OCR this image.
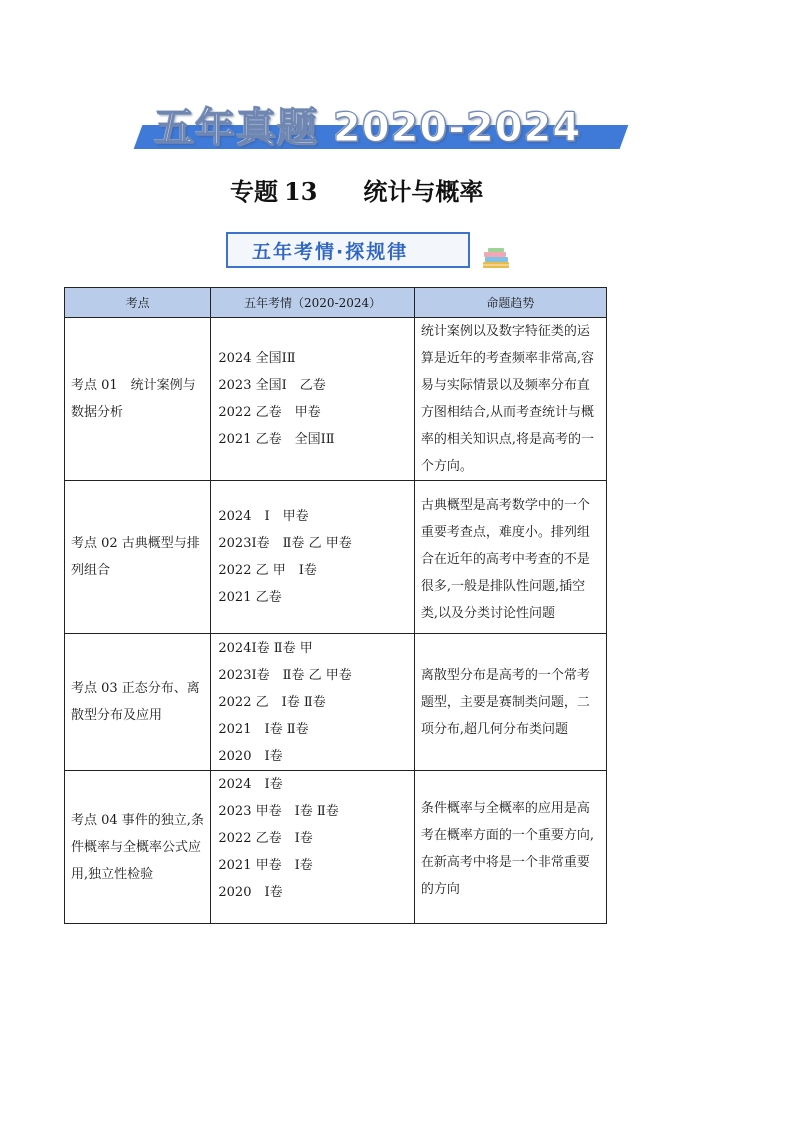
五年真题 2020-2024
专题 13 统计与概率
五年考情·探规律
考点	五年考情（2020-2024）	命题趋势
考点 01　统计案例与数据分析	2024 全国ⅠⅡ
2023 全国Ⅰ　乙卷
2022 乙卷　甲卷
2021 乙卷　全国ⅠⅡ	统计案例以及数字特征类的运算是近年的考查频率非常高,容易与实际情景以及频率分布直方图相结合,从而考查统计与概率的相关知识点,将是高考的一个方向。
考点 02 古典概型与排列组合	2024　Ⅰ　甲卷
2023Ⅰ卷　Ⅱ卷 乙 甲卷
2022 乙 甲　Ⅰ卷
2021 乙卷	古典概型是高考数学中的一个重要考查点，难度小。排列组合在近年的高考中考查的不是很多,一般是排队性问题,插空类,以及分类讨论性问题
考点 03 正态分布、离散型分布及应用	2024Ⅰ卷 Ⅱ卷 甲
2023Ⅰ卷　Ⅱ卷 乙 甲卷
2022 乙　Ⅰ卷 Ⅱ卷
2021　Ⅰ卷 Ⅱ卷
2020　Ⅰ卷	离散型分布是高考的一个常考题型，主要是赛制类问题，二项分布,超几何分布类问题
考点 04 事件的独立,条件概率与全概率公式应用,独立性检验	2024　Ⅰ卷
2023 甲卷　Ⅰ卷 Ⅱ卷
2022 乙卷　Ⅰ卷
2021 甲卷　Ⅰ卷
2020　Ⅰ卷	条件概率与全概率的应用是高考在概率方面的一个重要方向,在新高考中将是一个非常重要的方向
